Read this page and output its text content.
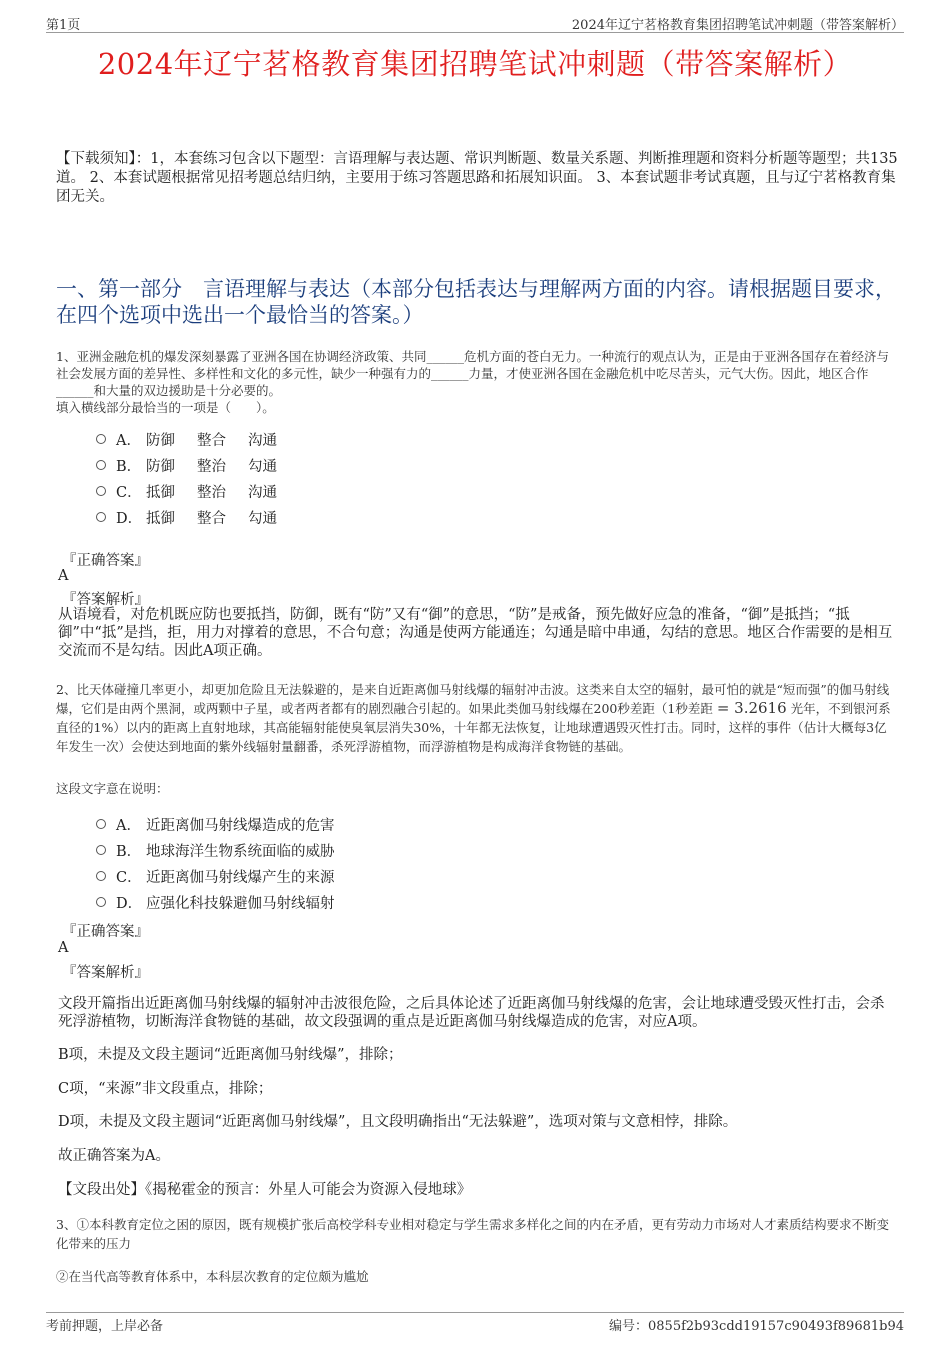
第1页	2024年辽宁茗格教育集团招聘笔试冲刺题（带答案解析）
2024年辽宁茗格教育集团招聘笔试冲刺题（带答案解析）
【下载须知】：1，本套练习包含以下题型：言语理解与表达题、常识判断题、数量关系题、判断推理题和资料分析题等题型；共135道。 2、本套试题根据常见招考题总结归纳，主要用于练习答题思路和拓展知识面。 3、本套试题非考试真题，且与辽宁茗格教育集团无关。
一、第一部分　言语理解与表达（本部分包括表达与理解两方面的内容。请根据题目要求，在四个选项中选出一个最恰当的答案。）

1、亚洲金融危机的爆发深刻暴露了亚洲各国在协调经济政策、共同______危机方面的苍白无力。一种流行的观点认为，正是由于亚洲各国存在着经济与社会发展方面的差异性、多样性和文化的多元性，缺少一种强有力的______力量，才使亚洲各国在金融危机中吃尽苦头，元气大伤。因此，地区合作______和大量的双边援助是十分必要的。

填入横线部分最恰当的一项是（　　）。

A． 防御 整合 沟通
B． 防御 整治 勾通
C． 抵御 整治 沟通
D． 抵御 整合 勾通
『正确答案』
A
『答案解析』

从语境看，对危机既应防也要抵挡，防御，既有“防”又有“御”的意思，“防”是戒备，预先做好应急的准备，“御”是抵挡；“抵御”中“抵”是挡，拒，用力对撑着的意思，不合句意；沟通是使两方能通连；勾通是暗中串通，勾结的意思。地区合作需要的是相互交流而不是勾结。因此A项正确。

2、比天体碰撞几率更小，却更加危险且无法躲避的，是来自近距离伽马射线爆的辐射冲击波。这类来自太空的辐射，最可怕的就是“短而强”的伽马射线爆，它们是由两个黑洞，或两颗中子星，或者两者都有的剧烈融合引起的。如果此类伽马射线爆在200秒差距（1秒差距 = 3.2616 光年，不到银河系直径的1%）以内的距离上直射地球，其高能辐射能使臭氧层消失30%，十年都无法恢复，让地球遭遇毁灭性打击。同时，这样的事件（估计大概每3亿年发生一次）会使达到地面的紫外线辐射量翻番，杀死浮游植物，而浮游植物是构成海洋食物链的基础。

这段文字意在说明：
A． 近距离伽马射线爆造成的危害
B． 地球海洋生物系统面临的威胁
C． 近距离伽马射线爆产生的来源
D． 应强化科技躲避伽马射线辐射
『正确答案』
A
『答案解析』
文段开篇指出近距离伽马射线爆的辐射冲击波很危险，之后具体论述了近距离伽马射线爆的危害，会让地球遭受毁灭性打击，会杀死浮游植物，切断海洋食物链的基础，故文段强调的重点是近距离伽马射线爆造成的危害，对应A项。
B项，未提及文段主题词“近距离伽马射线爆”，排除；
C项，“来源”非文段重点，排除；
D项，未提及文段主题词“近距离伽马射线爆”，且文段明确指出“无法躲避”，选项对策与文意相悖，排除。
故正确答案为A。
【文段出处】《揭秘霍金的预言：外星人可能会为资源入侵地球》
3、①本科教育定位之困的原因，既有规模扩张后高校学科专业相对稳定与学生需求多样化之间的内在矛盾，更有劳动力市场对人才素质结构要求不断变化带来的压力
②在当代高等教育体系中，本科层次教育的定位颇为尴尬
考前押题，上岸必备	编号：0855f2b93cdd19157c90493f89681b94
